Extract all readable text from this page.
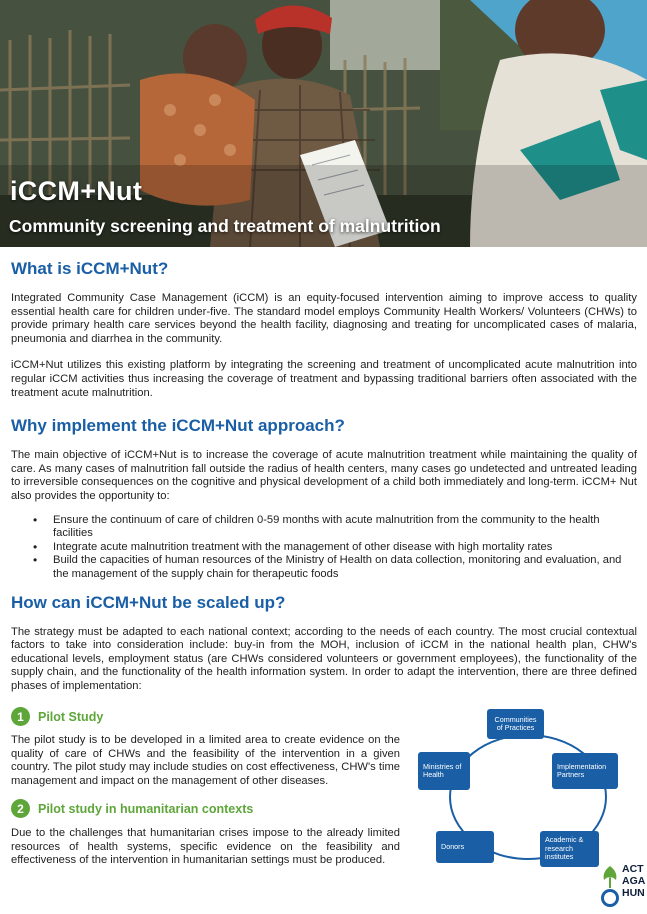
iCCM+Nut
Community screening and treatment of malnutrition
What is iCCM+Nut?

Integrated Community Case Management (iCCM) is an equity-focused intervention aiming to improve access to quality essential health care for children under-five. The standard model employs Community Health Workers/ Volunteers (CHWs) to provide primary health care services beyond the health facility, diagnosing and treating for uncomplicated cases of malaria, pneumonia and diarrhea in the community.

iCCM+Nut utilizes this existing platform by integrating the screening and treatment of uncomplicated acute malnutrition into regular iCCM activities thus increasing the coverage of treatment and bypassing traditional barriers often associated with the treatment acute malnutrition.

Why implement the iCCM+Nut approach?

The main objective of iCCM+Nut is to increase the coverage of acute malnutrition treatment while maintaining the quality of care. As many cases of malnutrition fall outside the radius of health centers, many cases go undetected and untreated leading to irreversible consequences on the cognitive and physical development of a child both immediately and long-term. iCCM+ Nut also provides the opportunity to:

• Ensure the continuum of care of children 0-59 months with acute malnutrition from the community to the health facilities
• Integrate acute malnutrition treatment with the management of other disease with high mortality rates
• Build the capacities of human resources of the Ministry of Health on data collection, monitoring and evaluation, and the management of the supply chain for therapeutic foods
How can iCCM+Nut be scaled up?

The strategy must be adapted to each national context; according to the needs of each country. The most crucial contextual factors to take into consideration include: buy-in from the MOH, inclusion of iCCM in the national health plan, CHW's educational levels, employment status (are CHWs considered volunteers or government employees), the functionality of the supply chain, and the functionality of the health information system. In order to adapt the intervention, there are three defined phases of implementation:

1	Pilot Study

The pilot study is to be developed in a limited area to create evidence on the quality of care of CHWs and the feasibility of the intervention in a given country. The pilot study may include studies on cost effectiveness, CHW's time management and impact on the management of other diseases.

2	Pilot study in humanitarian contexts

Due to the challenges that humanitarian crises impose to the already limited resources of health systems, specific evidence on the feasibility and effectiveness of the intervention in humanitarian settings must be produced.

Communities of Practices
Implementation Partners
Academic & research institutes
Donors
Ministries of Health
ACT
AGA
HUN
